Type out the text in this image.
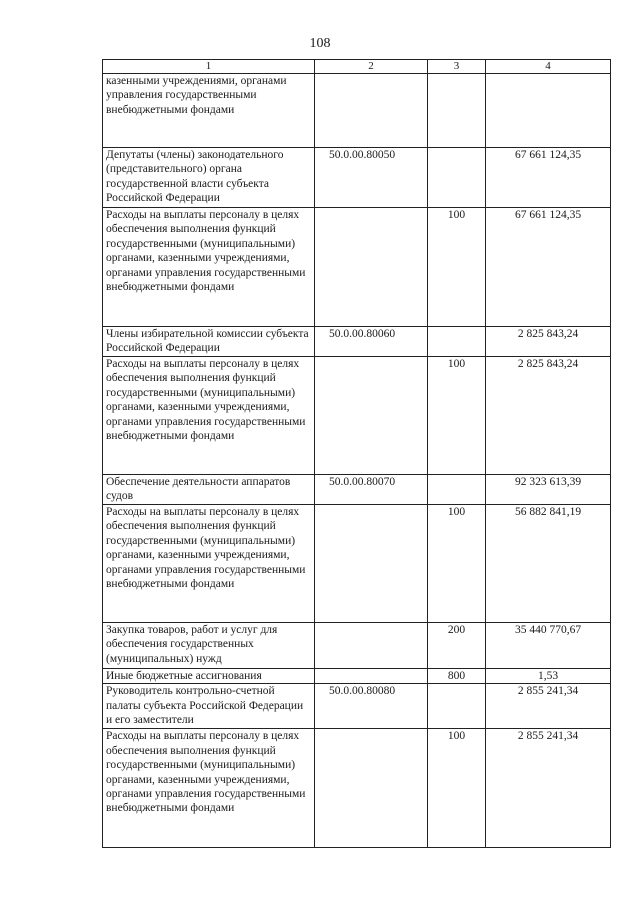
108
1	2	3	4
казенными учреждениями, органами управления государственными внебюджетными фондами			
Депутаты (члены) законодательного (представительного) органа государственной власти субъекта Российской Федерации	50.0.00.80050		67 661 124,35
Расходы на выплаты персоналу в целях обеспечения выполнения функций государственными (муниципальными) органами, казенными учреждениями, органами управления государственными внебюджетными фондами		100	67 661 124,35
Члены избирательной комиссии субъекта Российской Федерации	50.0.00.80060		2 825 843,24
Расходы на выплаты персоналу в целях обеспечения выполнения функций государственными (муниципальными) органами, казенными учреждениями, органами управления государственными внебюджетными фондами		100	2 825 843,24
Обеспечение деятельности аппаратов судов	50.0.00.80070		92 323 613,39
Расходы на выплаты персоналу в целях обеспечения выполнения функций государственными (муниципальными) органами, казенными учреждениями, органами управления государственными внебюджетными фондами		100	56 882 841,19
Закупка товаров, работ и услуг для обеспечения государственных (муниципальных) нужд		200	35 440 770,67
Иные бюджетные ассигнования		800	1,53
Руководитель контрольно-счетной палаты субъекта Российской Федерации и его заместители	50.0.00.80080		2 855 241,34
Расходы на выплаты персоналу в целях обеспечения выполнения функций государственными (муниципальными) органами, казенными учреждениями, органами управления государственными внебюджетными фондами		100	2 855 241,34
